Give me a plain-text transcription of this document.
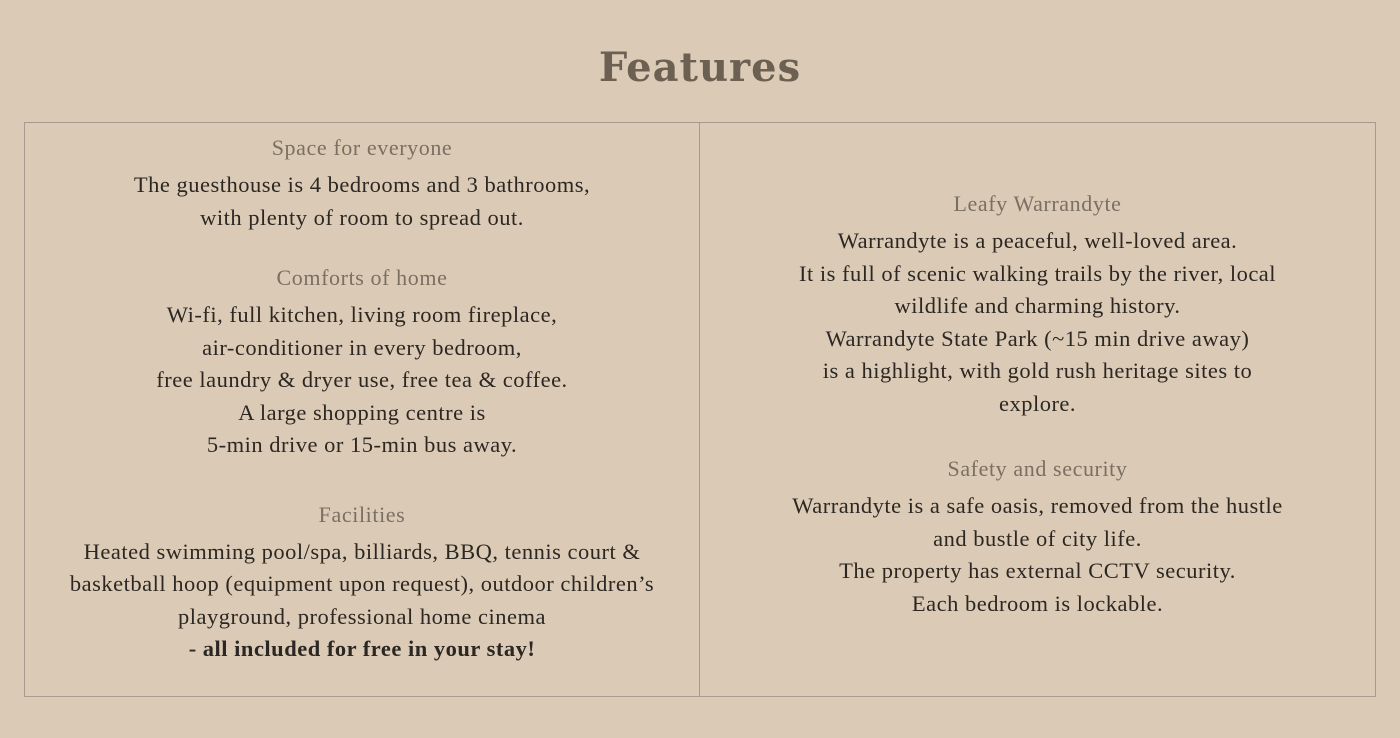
Features
Space for everyone
The guesthouse is 4 bedrooms and 3 bathrooms,
with plenty of room to spread out.
Comforts of home
Wi-fi, full kitchen, living room fireplace,
air-conditioner in every bedroom,
free laundry & dryer use, free tea & coffee.
A large shopping centre is
5-min drive or 15-min bus away.
Facilities
Heated swimming pool/spa, billiards, BBQ, tennis court &
basketball hoop (equipment upon request), outdoor children’s
playground, professional home cinema
- all included for free in your stay!
Leafy Warrandyte
Warrandyte is a peaceful, well-loved area.
It is full of scenic walking trails by the river, local
wildlife and charming history.
Warrandyte State Park (~15 min drive away)
is a highlight, with gold rush heritage sites to
explore.
Safety and security
Warrandyte is a safe oasis, removed from the hustle
and bustle of city life.
The property has external CCTV security.
Each bedroom is lockable.
